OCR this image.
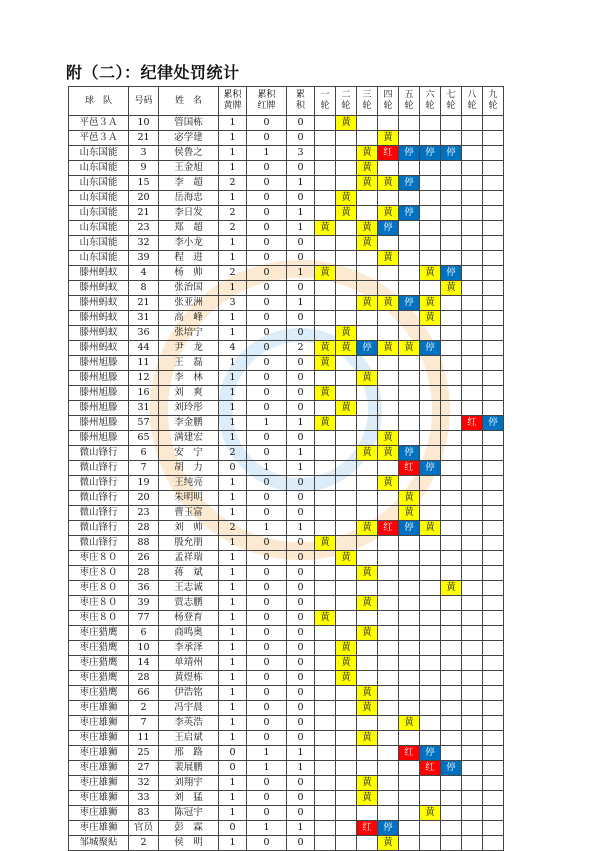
附（二）：纪律处罚统计
球　队	号码	姓　名	累积黄牌	累积红牌	累积	一轮	二轮	三轮	四轮	五轮	六轮	七轮	八轮	九轮

平邑３Ａ	10	管国栋	1	0	0		黄							
平邑３Ａ	21	宓学建	1	0	0				黄					
山东国能	3	侯鲁之	1	1	3			黄	红	停	停	停		
山东国能	9	王金旭	1	0	0			黄						
山东国能	15	李　超	2	0	1			黄	黄	停				
山东国能	20	岳海忠	1	0	0		黄							
山东国能	21	李日发	2	0	1		黄		黄	停				
山东国能	23	郑　超	2	0	1	黄		黄	停					
山东国能	32	李小龙	1	0	0			黄						
山东国能	39	程　进	1	0	0				黄					
滕州蚂蚁	4	杨　帅	2	0	1	黄					黄	停		
滕州蚂蚁	8	张治国	1	0	0							黄		
滕州蚂蚁	21	张亚洲	3	0	1			黄	黄	停	黄			
滕州蚂蚁	31	高　峰	1	0	0						黄			
滕州蚂蚁	36	张培宁	1	0	0		黄							
滕州蚂蚁	44	尹　龙	4	0	2	黄	黄	停	黄	黄	停			
滕州旭滕	11	王　磊	1	0	0	黄								
滕州旭滕	12	李　林	1	0	0			黄						
滕州旭滕	16	刘　爽	1	0	0	黄								
滕州旭滕	31	刘玲彤	1	0	0		黄							
滕州旭滕	57	李金鹏	1	1	1	黄							红	停
滕州旭滕	65	满建宏	1	0	0				黄					
微山锋行	6	安　宁	2	0	1			黄	黄	停				
微山锋行	7	胡　力	0	1	1					红	停			
微山锋行	19	王纯亮	1	0	0				黄					
微山锋行	20	朱明明	1	0	0					黄				
微山锋行	23	曹玉富	1	0	0					黄				
微山锋行	28	刘　帅	2	1	1			黄	红	停	黄			
微山锋行	88	殷允朋	1	0	0	黄								
枣庄８０	26	孟祥瑞	1	0	0		黄							
枣庄８０	28	蒋　斌	1	0	0			黄						
枣庄８０	36	王志诚	1	0	0							黄		
枣庄８０	39	贾志鹏	1	0	0			黄						
枣庄８０	77	杨登育	1	0	0	黄								
枣庄猎鹰	6	商鸣奥	1	0	0			黄						
枣庄猎鹰	10	李承泽	1	0	0		黄							
枣庄猎鹰	14	单靖州	1	0	0		黄							
枣庄猎鹰	28	黄煜栋	1	0	0		黄							
枣庄猎鹰	66	伊浩铭	1	0	0			黄						
枣庄雄狮	2	冯宇晨	1	0	0			黄						
枣庄雄狮	7	李英浩	1	0	0					黄				
枣庄雄狮	11	王启斌	1	0	0			黄						
枣庄雄狮	25	邢　路	0	1	1					红	停			
枣庄雄狮	27	裴展鹏	0	1	1						红	停		
枣庄雄狮	32	刘翔宇	1	0	0			黄						
枣庄雄狮	33	刘　猛	1	0	0			黄						
枣庄雄狮	83	陈冠宇	1	0	0						黄			
枣庄雄狮	官员	彭　霖	0	1	1			红	停					
邹城聚贴	2	侯　明	1	0	0				黄					
